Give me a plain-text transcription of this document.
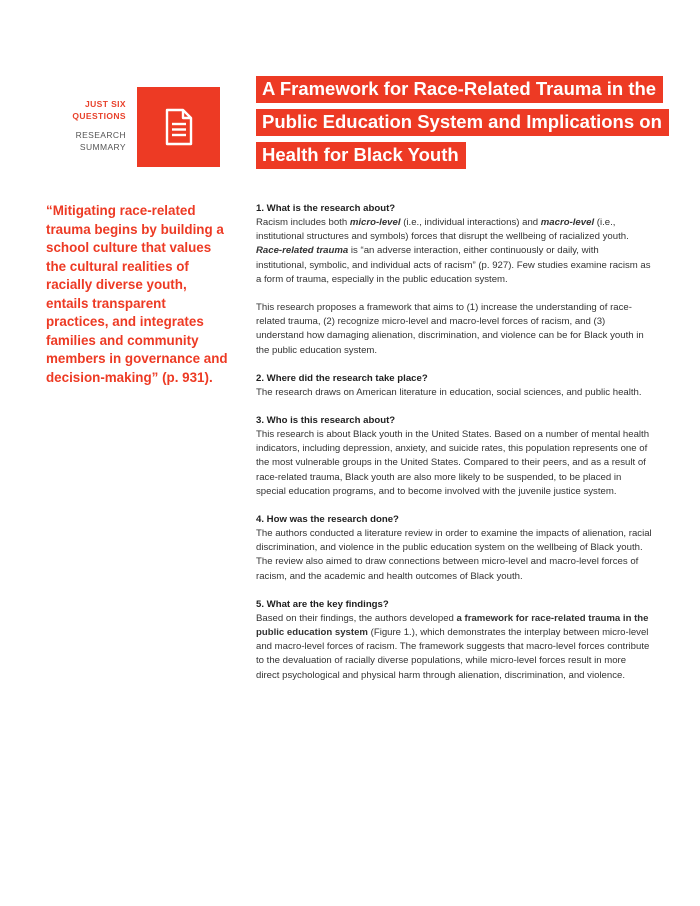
JUST SIX
QUESTIONS
RESEARCH
SUMMARY
A Framework for Race-Related Trauma in the
Public Education System and Implications on
Health for Black Youth

“Mitigating race-related trauma begins by building a school culture that values the cultural realities of racially diverse youth, entails transparent practices, and integrates families and community members in governance and decision-making” (p. 931).

1. What is the research about?

Racism includes both micro-level (i.e., individual interactions) and macro-level (i.e., institutional structures and symbols) forces that disrupt the wellbeing of racialized youth. Race-related trauma is “an adverse interaction, either continuously or daily, with institutional, symbolic, and individual acts of racism” (p. 927). Few studies examine racism as a form of trauma, especially in the public education system.

This research proposes a framework that aims to (1) increase the understanding of race-related trauma, (2) recognize micro-level and macro-level forces of racism, and (3) understand how damaging alienation, discrimination, and violence can be for Black youth in the public education system.

2. Where did the research take place?

The research draws on American literature in education, social sciences, and public health.

3. Who is this research about?

This research is about Black youth in the United States. Based on a number of mental health indicators, including depression, anxiety, and suicide rates, this population represents one of the most vulnerable groups in the United States. Compared to their peers, and as a result of race-related trauma, Black youth are also more likely to be suspended, to be placed in special education programs, and to become involved with the juvenile justice system.

4. How was the research done?

The authors conducted a literature review in order to examine the impacts of alienation, racial discrimination, and violence in the public education system on the wellbeing of Black youth. The review also aimed to draw connections between micro-level and macro-level forces of racism, and the academic and health outcomes of Black youth.

5. What are the key findings?

Based on their findings, the authors developed a framework for race-related trauma in the public education system (Figure 1.), which demonstrates the interplay between micro-level and macro-level forces of racism. The framework suggests that macro-level forces contribute to the devaluation of racially diverse populations, while micro-level forces result in more direct psychological and physical harm through alienation, discrimination, and violence.
